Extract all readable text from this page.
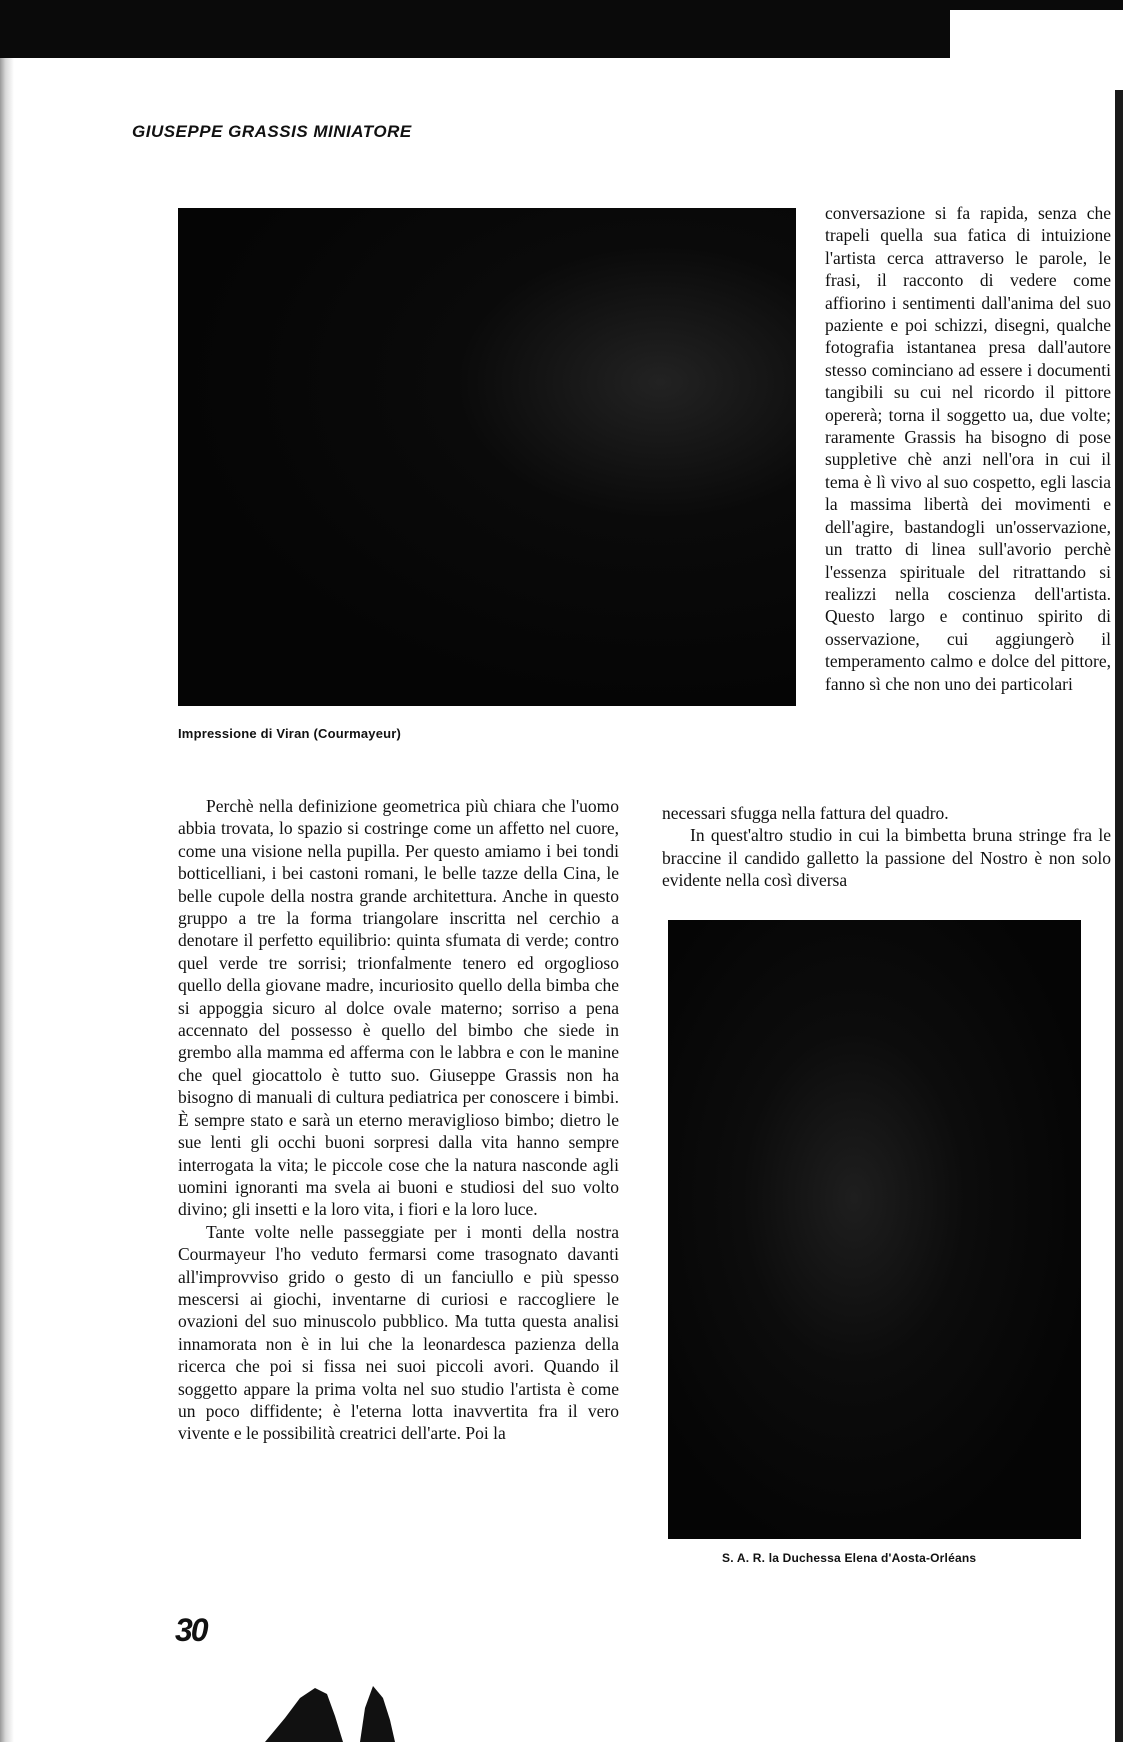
GIUSEPPE GRASSIS MINIATORE
Impressione di Viran (Courmayeur)

conversazione si fa rapida, senza che trapeli quella sua fatica di intuizione l'artista cerca attraverso le parole, le frasi, il racconto di vedere come affiorino i sentimenti dall'anima del suo paziente e poi schizzi, disegni, qualche fotografia istantanea presa dall'autore stesso cominciano ad essere i documenti tangibili su cui nel ricordo il pittore opererà; torna il soggetto ua, due volte; raramente Grassis ha bisogno di pose suppletive chè anzi nell'ora in cui il tema è lì vivo al suo cospetto, egli lascia la massima libertà dei movimenti e dell'agire, bastandogli un'osservazione, un tratto di linea sull'avorio perchè l'essenza spirituale del ritrattando si realizzi nella coscienza dell'artista. Questo largo e continuo spirito di osservazione, cui aggiungerò il temperamento calmo e dolce del pittore, fanno sì che non uno dei particolari

necessari sfugga nella fattura del quadro.

In quest'altro studio in cui la bimbetta bruna stringe fra le braccine il candido galletto la passione del Nostro è non solo evidente nella così diversa

Perchè nella definizione geometrica più chiara che l'uomo abbia trovata, lo spazio si costringe come un affetto nel cuore, come una visione nella pupilla. Per questo amiamo i bei tondi botticelliani, i bei castoni romani, le belle tazze della Cina, le belle cupole della nostra grande architettura. Anche in questo gruppo a tre la forma triangolare inscritta nel cerchio a denotare il perfetto equilibrio: quinta sfumata di verde; contro quel verde tre sorrisi; trionfalmente tenero ed orgoglioso quello della giovane madre, incuriosito quello della bimba che si appoggia sicuro al dolce ovale materno; sorriso a pena accennato del possesso è quello del bimbo che siede in grembo alla mamma ed afferma con le labbra e con le manine che quel giocattolo è tutto suo. Giuseppe Grassis non ha bisogno di manuali di cultura pediatrica per conoscere i bimbi. È sempre stato e sarà un eterno meraviglioso bimbo; dietro le sue lenti gli occhi buoni sorpresi dalla vita hanno sempre interrogata la vita; le piccole cose che la natura nasconde agli uomini ignoranti ma svela ai buoni e studiosi del suo volto divino; gli insetti e la loro vita, i fiori e la loro luce.

Tante volte nelle passeggiate per i monti della nostra Courmayeur l'ho veduto fermarsi come trasognato davanti all'improvviso grido o gesto di un fanciullo e più spesso mescersi ai giochi, inventarne di curiosi e raccogliere le ovazioni del suo minuscolo pubblico. Ma tutta questa analisi innamorata non è in lui che la leonardesca pazienza della ricerca che poi si fissa nei suoi piccoli avori. Quando il soggetto appare la prima volta nel suo studio l'artista è come un poco diffidente; è l'eterna lotta inavvertita fra il vero vivente e le possibilità creatrici dell'arte. Poi la

S. A. R. la Duchessa Elena d'Aosta-Orléans
30
